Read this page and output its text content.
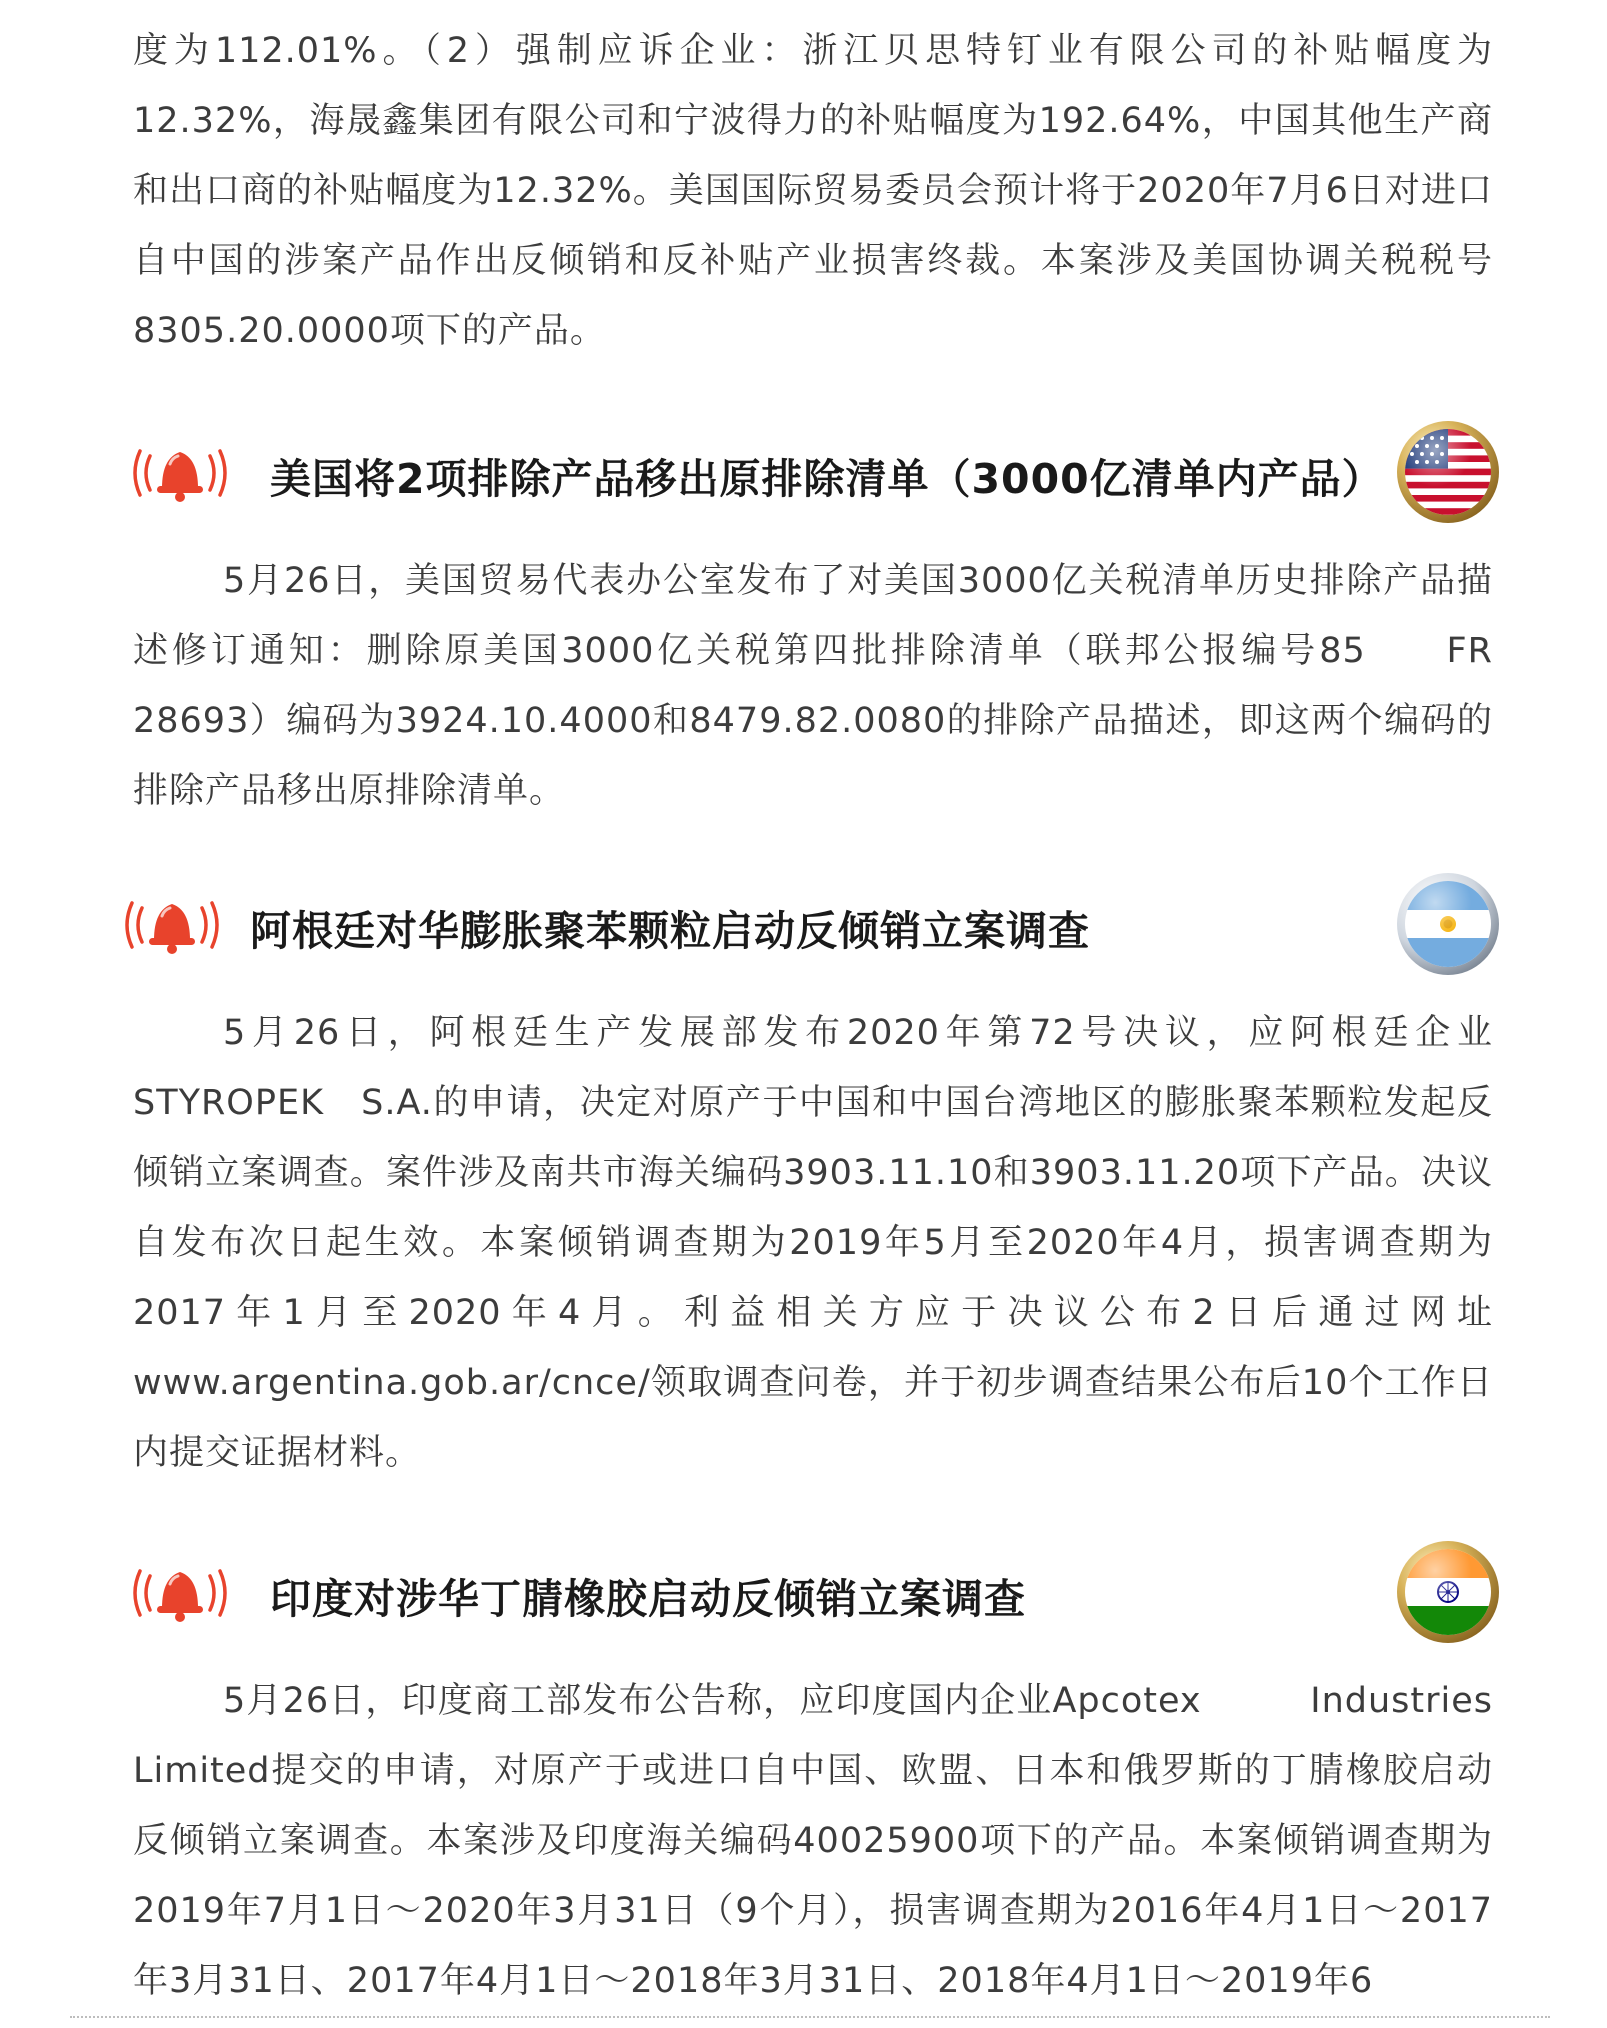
度为112.01%。（2）强制应诉企业：浙江贝思特钉业有限公司的补贴幅度为12.32%，海晟鑫集团有限公司和宁波得力的补贴幅度为192.64%，中国其他生产商和出口商的补贴幅度为12.32%。美国国际贸易委员会预计将于2020年7月6日对进口自中国的涉案产品作出反倾销和反补贴产业损害终裁。本案涉及美国协调关税税号8305.20.0000项下的产品。

美国将2项排除产品移出原排除清单（3000亿清单内产品）

5月26日，美国贸易代表办公室发布了对美国3000亿关税清单历史排除产品描述修订通知：删除原美国3000亿关税第四批排除清单（联邦公报编号85　　FR 28693）编码为3924.10.4000和8479.82.0080的排除产品描述，即这两个编码的排除产品移出原排除清单。

阿根廷对华膨胀聚苯颗粒启动反倾销立案调查

5月26日，阿根廷生产发展部发布2020年第72号决议，应阿根廷企业STYROPEK　S.A.的申请，决定对原产于中国和中国台湾地区的膨胀聚苯颗粒发起反倾销立案调查。案件涉及南共市海关编码3903.11.10和3903.11.20项下产品。决议自发布次日起生效。本案倾销调查期为2019年5月至2020年4月，损害调查期为2017年1月至2020年4月。利益相关方应于决议公布2日后通过网址www.argentina.gob.ar/cnce/领取调查问卷，并于初步调查结果公布后10个工作日内提交证据材料。

印度对涉华丁腈橡胶启动反倾销立案调查

5月26日，印度商工部发布公告称，应印度国内企业Apcotex　　　Industries Limited提交的申请，对原产于或进口自中国、欧盟、日本和俄罗斯的丁腈橡胶启动反倾销立案调查。本案涉及印度海关编码40025900项下的产品。本案倾销调查期为2019年7月1日～2020年3月31日（9个月），损害调查期为2016年4月1日～2017年3月31日、2017年4月1日～2018年3月31日、2018年4月1日～2019年6
